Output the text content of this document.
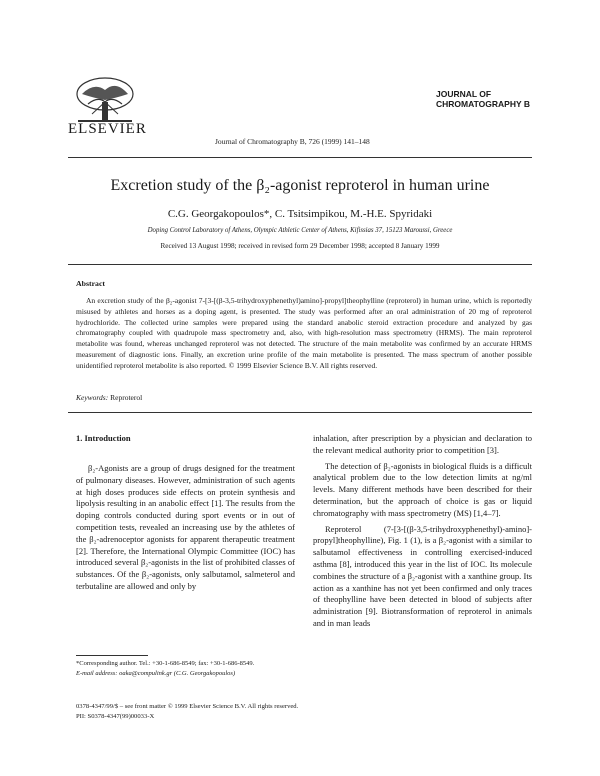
ELSEVIER
Journal of Chromatography B, 726 (1999) 141–148
JOURNAL OF
CHROMATOGRAPHY B
Excretion study of the β₂-agonist reproterol in human urine
C.G. Georgakopoulos*, C. Tsitsimpikou, M.-H.E. Spyridaki
Doping Control Laboratory of Athens, Olympic Athletic Center of Athens, Kifissias 37, 15123 Maroussi, Greece
Received 13 August 1998; received in revised form 29 December 1998; accepted 8 January 1999
Abstract
An excretion study of the β₂-agonist 7-[3-[(β-3,5-trihydroxyphenethyl)amino]-propyl]theophylline (reproterol) in human urine, which is reportedly misused by athletes and horses as a doping agent, is presented. The study was performed after an oral administration of 20 mg of reproterol hydrochloride. The collected urine samples were prepared using the standard anabolic steroid extraction procedure and analyzed by gas chromatography coupled with quadrupole mass spectrometry and, also, with high-resolution mass spectrometry (HRMS). The main reproterol metabolite was found, whereas unchanged reproterol was not detected. The structure of the main metabolite was confirmed by an accurate HRMS measurement of diagnostic ions. Finally, an excretion urine profile of the main metabolite is presented. The mass spectrum of another possible unidentified reproterol metabolite is also reported. © 1999 Elsevier Science B.V. All rights reserved.
Keywords: Reproterol
1. Introduction

β₂-Agonists are a group of drugs designed for the treatment of pulmonary diseases. However, administration of such agents at high doses produces side effects on protein synthesis and lipolysis resulting in an anabolic effect [1]. The results from the doping controls conducted during sport events or in out of competition tests, revealed an increasing use by the athletes of the β₂-adrenoceptor agonists for apparent therapeutic treatment [2]. Therefore, the International Olympic Committee (IOC) has introduced several β₂-agonists in the list of prohibited classes of substances. Of the β₂-agonists, only salbutamol, salmeterol and terbutaline are allowed and only by

inhalation, after prescription by a physician and declaration to the relevant medical authority prior to competition [3].

The detection of β₂-agonists in biological fluids is a difficult analytical problem due to the low detection limits at ng/ml levels. Many different methods have been described for their determination, but the approach of choice is gas or liquid chromatography with mass spectrometry (MS) [1,4–7].

Reproterol (7-[3-[(β-3,5-trihydroxyphenethyl)-amino]-propyl]theophylline), Fig. 1 (1), is a β₂-agonist with a similar to salbutamol effectiveness in controlling exercised-induced asthma [8], introduced this year in the list of IOC. Its molecule combines the structure of a β₂-agonist with a xanthine group. Its action as a xanthine has not yet been confirmed and only traces of theophylline have been detected in blood of subjects after administration [9]. Biotransformation of reproterol in animals and in man leads

*Corresponding author. Tel.: +30-1-686-8549; fax: +30-1-686-8549.
E-mail address: oaka@compulink.gr (C.G. Georgakopoulos)
0378-4347/99/$ – see front matter © 1999 Elsevier Science B.V. All rights reserved.
PII: S0378-4347(99)00033-X
